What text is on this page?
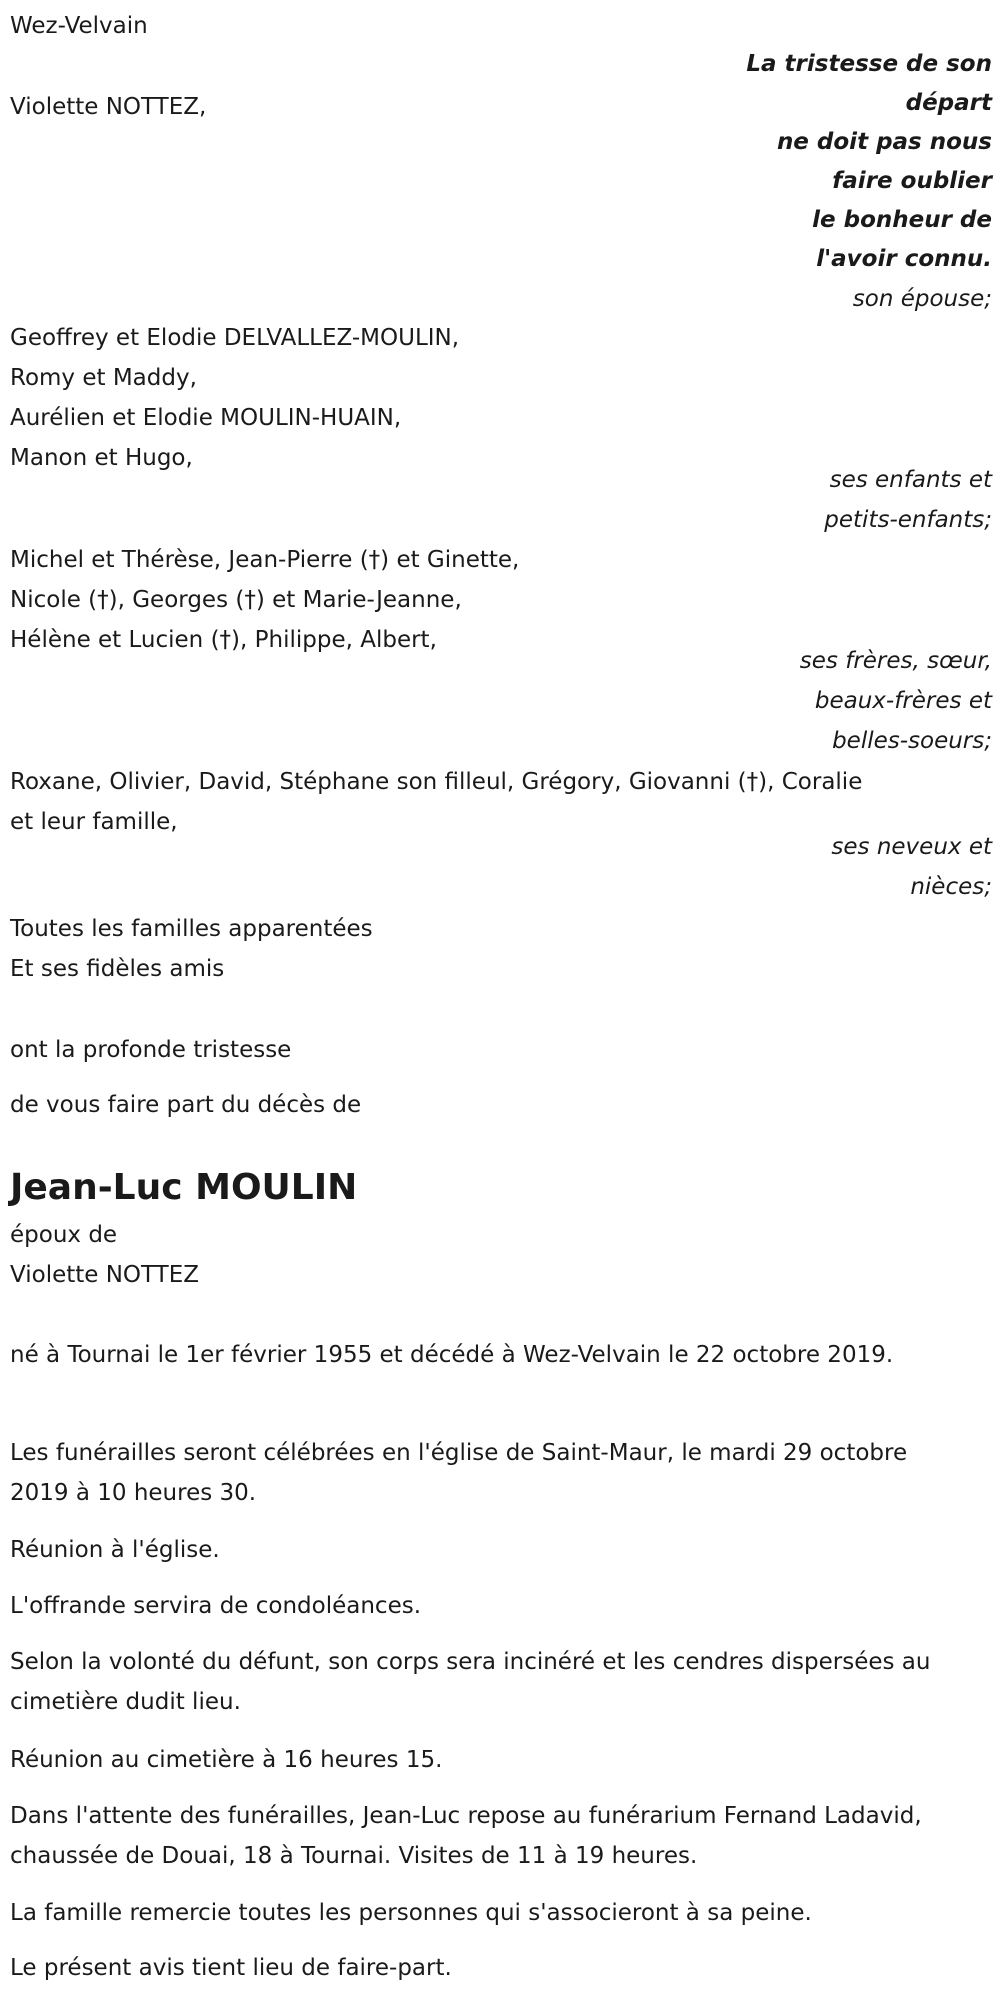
Wez-Velvain
La tristesse de son
départ
ne doit pas nous
faire oublier
le bonheur de
l'avoir connu.
son épouse;
Violette NOTTEZ,
Geoffrey et Elodie DELVALLEZ-MOULIN,
Romy et Maddy,
Aurélien et Elodie MOULIN-HUAIN,
Manon et Hugo,
ses enfants et
petits-enfants;
Michel et Thérèse, Jean-Pierre (†) et Ginette,
Nicole (†), Georges (†) et Marie-Jeanne,
Hélène et Lucien (†), Philippe, Albert,
ses frères, sœur,
beaux-frères et
belles-soeurs;
Roxane, Olivier, David, Stéphane son filleul, Grégory, Giovanni (†), Coralie
et leur famille,
ses neveux et
nièces;
Toutes les familles apparentées
Et ses fidèles amis
ont la profonde tristesse
de vous faire part du décès de
Jean-Luc MOULIN
époux de
Violette NOTTEZ
né à Tournai le 1er février 1955 et décédé à Wez-Velvain le 22 octobre 2019.
Les funérailles seront célébrées en l'église de Saint-Maur, le mardi 29 octobre 2019 à 10 heures 30.
Réunion à l'église.
L'offrande servira de condoléances.
Selon la volonté du défunt, son corps sera incinéré et les cendres dispersées au cimetière dudit lieu.
Réunion au cimetière à 16 heures 15.
Dans l'attente des funérailles, Jean-Luc repose au funérarium Fernand Ladavid, chaussée de Douai, 18 à Tournai. Visites de 11 à 19 heures.
La famille remercie toutes les personnes qui s'associeront à sa peine.
Le présent avis tient lieu de faire-part.
